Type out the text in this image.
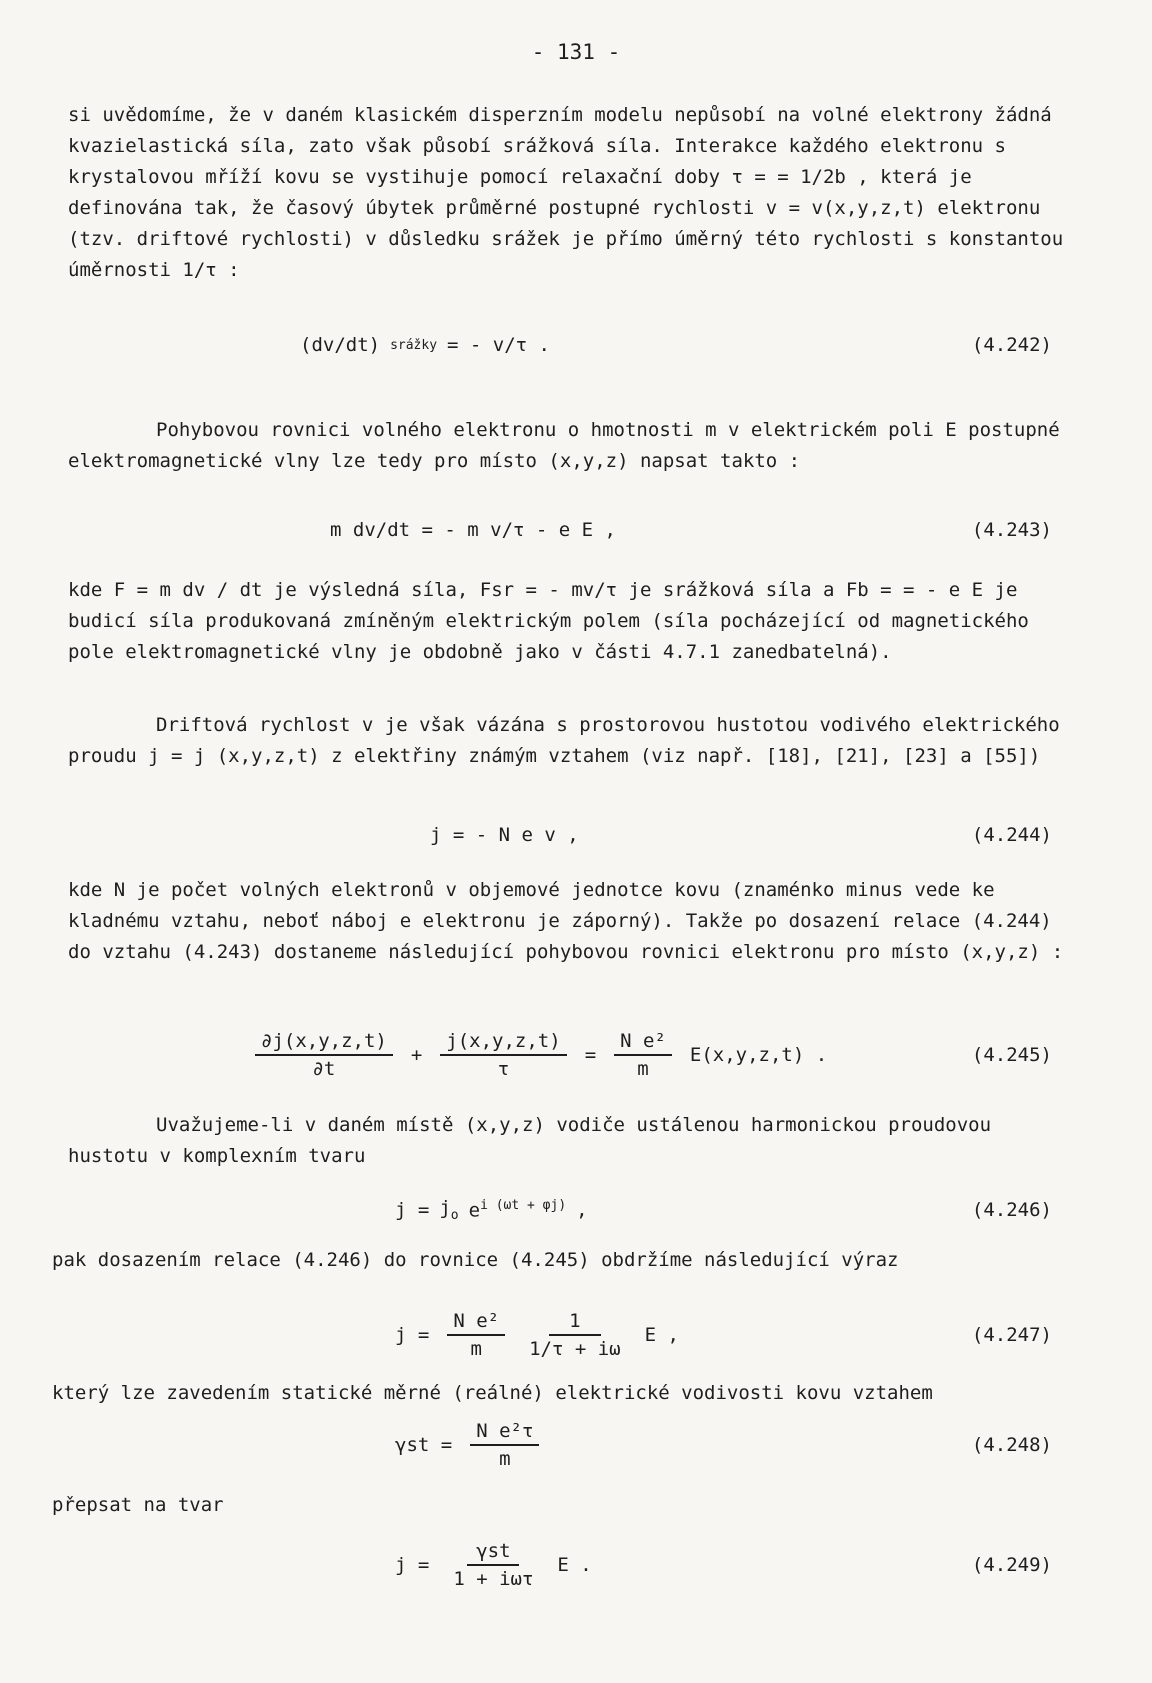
- 131 -

si uvědomíme, že v daném klasickém disperzním modelu nepůsobí na volné elektrony žádná kvazielastická síla, zato však působí srážková síla. Interakce každého elektronu s krystalovou mříží kovu se vystihuje pomocí relaxační doby τ = = 1/2b , která je definována tak, že časový úbytek průměrné postupné rychlosti v = v(x,y,z,t) elektronu (tzv. driftové rychlosti) v důsledku srážek je přímo úměrný této rychlosti s konstantou úměrnosti 1/τ :

(dv/dt) srážky = - v/τ .	(4.242)

Pohybovou rovnici volného elektronu o hmotnosti m v elektrickém poli E postupné elektromagnetické vlny lze tedy pro místo (x,y,z) napsat takto :

m dv/dt = - m v/τ - e E ,	(4.243)

kde F = m dv / dt je výsledná síla, Fsr = - mv/τ je srážková síla a Fb = = - e E je budicí síla produkovaná zmíněným elektrickým polem (síla pocházející od magnetického pole elektromagnetické vlny je obdobně jako v části 4.7.1 zanedbatelná).

Driftová rychlost v je však vázána s prostorovou hustotou vodivého elektrického proudu j = j (x,y,z,t) z elektřiny známým vztahem (viz např. [18], [21], [23] a [55])

j = - N e v ,	(4.244)

kde N je počet volných elektronů v objemové jednotce kovu (znaménko minus vede ke kladnému vztahu, neboť náboj e elektronu je záporný). Takže po dosazení relace (4.244) do vztahu (4.243) dostaneme následující pohybovou rovnici elektronu pro místo (x,y,z) :

$\frac{\partial j(x,y,z,t)}{\partial t} + \frac{j(x,y,z,t)}{\tau} = \frac{\text{N e²}}{m} E(x,y,z,t)$ .	(4.245)

Uvažujeme-li v daném místě (x,y,z) vodiče ustálenou harmonickou proudovou hustotu v komplexním tvaru

$j = j_o$ $e^{i (\omega t + \varphi j)}$ ,	(4.246)

pak dosazením relace (4.246) do rovnice (4.245) obdržíme následující výraz

$j = \frac{\text{N e²}}{m} \frac{1}{1/\tau + i\omega}$ E ,	(4.247)

který lze zavedením statické měrné (reálné) elektrické vodivosti kovu vztahem

$\gamma st = \frac{\text{N e²τ}}{m}$	(4.248)

přepsat na tvar

$j = \frac{\text{γst}}{\text{1 + iωτ}}$ E .	(4.249)
